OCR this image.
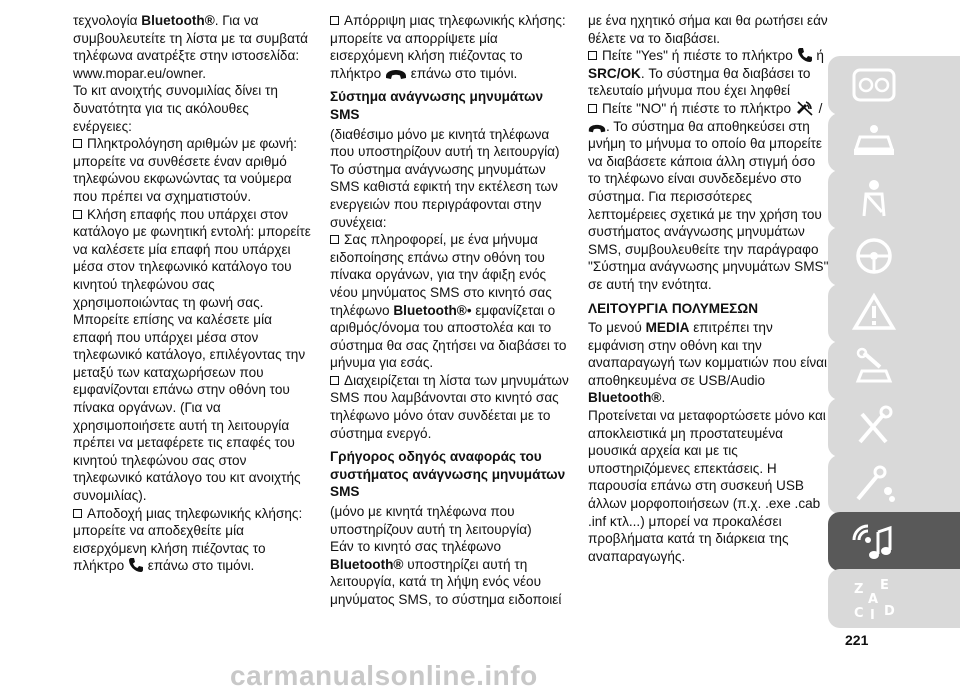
τεχνολογία Bluetooth®. Για να συμβουλευτείτε τη λίστα με τα συμβατά τηλέφωνα ανατρέξτε στην ιστοσελίδα: www.mopar.eu/owner.

Το κιτ ανοιχτής συνομιλίας δίνει τη δυνατότητα για τις ακόλουθες ενέργειες:

Πληκτρολόγηση αριθμών με φωνή: μπορείτε να συνθέσετε έναν αριθμό τηλεφώνου εκφωνώντας τα νούμερα που πρέπει να σχηματιστούν.

Κλήση επαφής που υπάρχει στον κατάλογο με φωνητική εντολή: μπορείτε να καλέσετε μία επαφή που υπάρχει μέσα στον τηλεφωνικό κατάλογο του κινητού τηλεφώνου σας χρησιμοποιώντας τη φωνή σας. Μπορείτε επίσης να καλέσετε μία επαφή που υπάρχει μέσα στον τηλεφωνικό κατάλογο, επιλέγοντας την μεταξύ των καταχωρήσεων που εμφανίζονται επάνω στην οθόνη του πίνακα οργάνων. (Για να χρησιμοποιήσετε αυτή τη λειτουργία πρέπει να μεταφέρετε τις επαφές του κινητού τηλεφώνου σας στον τηλεφωνικό κατάλογο του κιτ ανοιχτής συνομιλίας).

Αποδοχή μιας τηλεφωνικής κλήσης: μπορείτε να αποδεχθείτε μία εισερχόμενη κλήση πιέζοντας το πλήκτρο
επάνω στο τιμόνι.

Απόρριψη μιας τηλεφωνικής κλήσης: μπορείτε να απορρίψετε μία εισερχόμενη κλήση πιέζοντας το πλήκτρο
επάνω στο τιμόνι.

Σύστημα ανάγνωσης μηνυμάτων SMS

(διαθέσιμο μόνο με κινητά τηλέφωνα που υποστηρίζουν αυτή τη λειτουργία)

Το σύστημα ανάγνωσης μηνυμάτων SMS καθιστά εφικτή την εκτέλεση των ενεργειών που περιγράφονται στην συνέχεια:

Σας πληροφορεί, με ένα μήνυμα ειδοποίησης επάνω στην οθόνη του πίνακα οργάνων, για την άφιξη ενός νέου μηνύματος SMS στο κινητό σας τηλέφωνο Bluetooth®• εμφανίζεται ο αριθμός/όνομα του αποστολέα και το σύστημα θα σας ζητήσει να διαβάσει το μήνυμα για εσάς.

Διαχειρίζεται τη λίστα των μηνυμάτων SMS που λαμβάνονται στο κινητό σας τηλέφωνο μόνο όταν συνδέεται με το σύστημα ενεργό.

Γρήγορος οδηγός αναφοράς του συστήματος ανάγνωσης μηνυμάτων SMS

(μόνο με κινητά τηλέφωνα που υποστηρίζουν αυτή τη λειτουργία)

Εάν το κινητό σας τηλέφωνο Bluetooth® υποστηρίζει αυτή τη λειτουργία, κατά τη λήψη ενός νέου μηνύματος SMS, το σύστημα ειδοποιεί

με ένα ηχητικό σήμα και θα ρωτήσει εάν θέλετε να το διαβάσει.

Πείτε "Yes" ή πιέστε το πλήκτρο
ή SRC/OK. Το σύστημα θα διαβάσει το τελευταίο μήνυμα που έχει ληφθεί

Πείτε "NO" ή πιέστε το πλήκτρο
/

. Το σύστημα θα αποθηκεύσει στη μνήμη το μήνυμα το οποίο θα μπορείτε να διαβάσετε κάποια άλλη στιγμή όσο το τηλέφωνο είναι συνδεδεμένο στο σύστημα. Για περισσότερες λεπτομέρειες σχετικά με την χρήση του συστήματος ανάγνωσης μηνυμάτων SMS, συμβουλευθείτε την παράγραφο "Σύστημα ανάγνωσης μηνυμάτων SMS" σε αυτή την ενότητα.

ΛΕΙΤΟΥΡΓΙΑ ΠΟΛΥΜΕΣΩΝ

Το μενού MEDIA επιτρέπει την εμφάνιση στην οθόνη και την αναπαραγωγή των κομματιών που είναι αποθηκευμένα σε USB/Audio Bluetooth®.

Προτείνεται να μεταφορτώσετε μόνο και αποκλειστικά μη προστατευμένα μουσικά αρχεία και με τις υποστηριζόμενες επεκτάσεις. Η παρουσία επάνω στη συσκευή USB άλλων μορφοποιήσεων (π.χ. .exe .cab .inf κτλ...) μπορεί να προκαλέσει προβλήματα κατά τη διάρκεια της αναπαραγωγής.

Z E
A
C I D
221
carmanualsonline.info
